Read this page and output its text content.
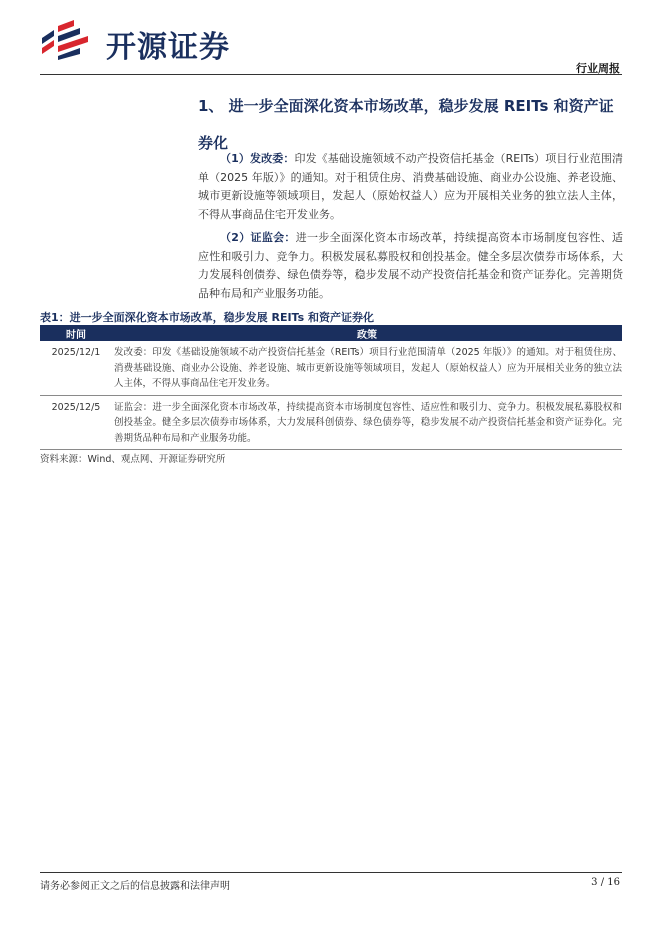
开源证券
行业周报
1、 进一步全面深化资本市场改革，稳步发展 REITs 和资产证券化
（1）发改委：印发《基础设施领域不动产投资信托基金（REITs）项目行业范围清单（2025 年版）》的通知。对于租赁住房、消费基础设施、商业办公设施、养老设施、城市更新设施等领域项目，发起人（原始权益人）应为开展相关业务的独立法人主体，不得从事商品住宅开发业务。
（2）证监会：进一步全面深化资本市场改革，持续提高资本市场制度包容性、适应性和吸引力、竞争力。积极发展私募股权和创投基金。健全多层次债券市场体系，大力发展科创债券、绿色债券等，稳步发展不动产投资信托基金和资产证券化。完善期货品种布局和产业服务功能。
表1：进一步全面深化资本市场改革，稳步发展 REITs 和资产证券化
时间	政策
2025/12/1	发改委：印发《基础设施领域不动产投资信托基金（REITs）项目行业范围清单（2025 年版）》的通知。对于租赁住房、消费基础设施、商业办公设施、养老设施、城市更新设施等领域项目，发起人（原始权益人）应为开展相关业务的独立法人主体，不得从事商品住宅开发业务。
2025/12/5	证监会：进一步全面深化资本市场改革，持续提高资本市场制度包容性、适应性和吸引力、竞争力。积极发展私募股权和创投基金。健全多层次债券市场体系，大力发展科创债券、绿色债券等，稳步发展不动产投资信托基金和资产证券化。完善期货品种布局和产业服务功能。
资料来源：Wind、观点网、开源证券研究所
请务必参阅正文之后的信息披露和法律声明	3 / 16
